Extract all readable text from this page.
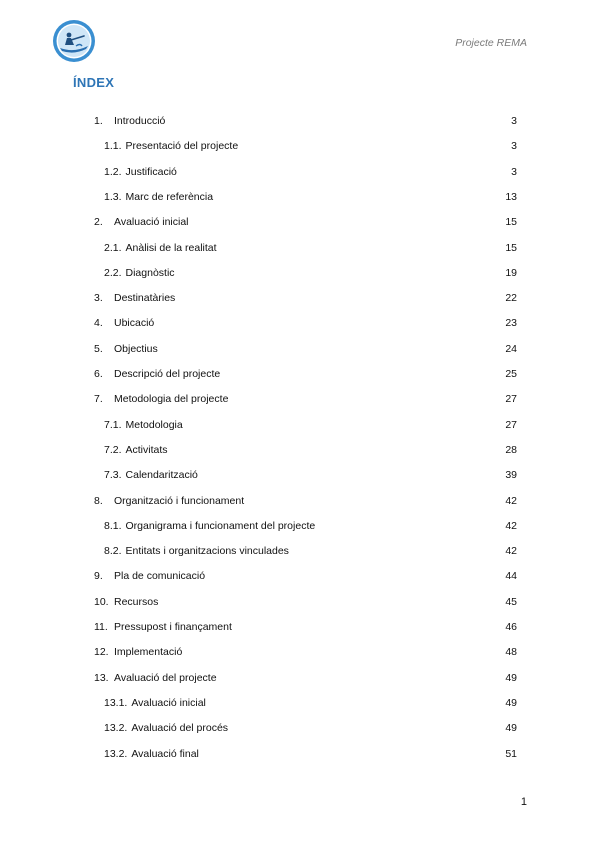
Projecte REMA
ÍNDEX
1. Introducció	3
1.1. Presentació del projecte	3
1.2. Justificació	3
1.3. Marc de referència	13
2. Avaluació inicial	15
2.1. Anàlisi de la realitat	15
2.2. Diagnòstic	19
3. Destinatàries	22
4. Ubicació	23
5. Objectius	24
6. Descripció del projecte	25
7. Metodologia del projecte	27
7.1. Metodologia	27
7.2. Activitats	28
7.3. Calendarització	39
8. Organització i funcionament	42
8.1. Organigrama i funcionament del projecte	42
8.2. Entitats i organitzacions vinculades	42
9. Pla de comunicació	44
10. Recursos	45
11. Pressupost i finançament	46
12. Implementació	48
13. Avaluació del projecte	49
13.1. Avaluació inicial	49
13.2. Avaluació del procés	49
13.2. Avaluació final	51
1
